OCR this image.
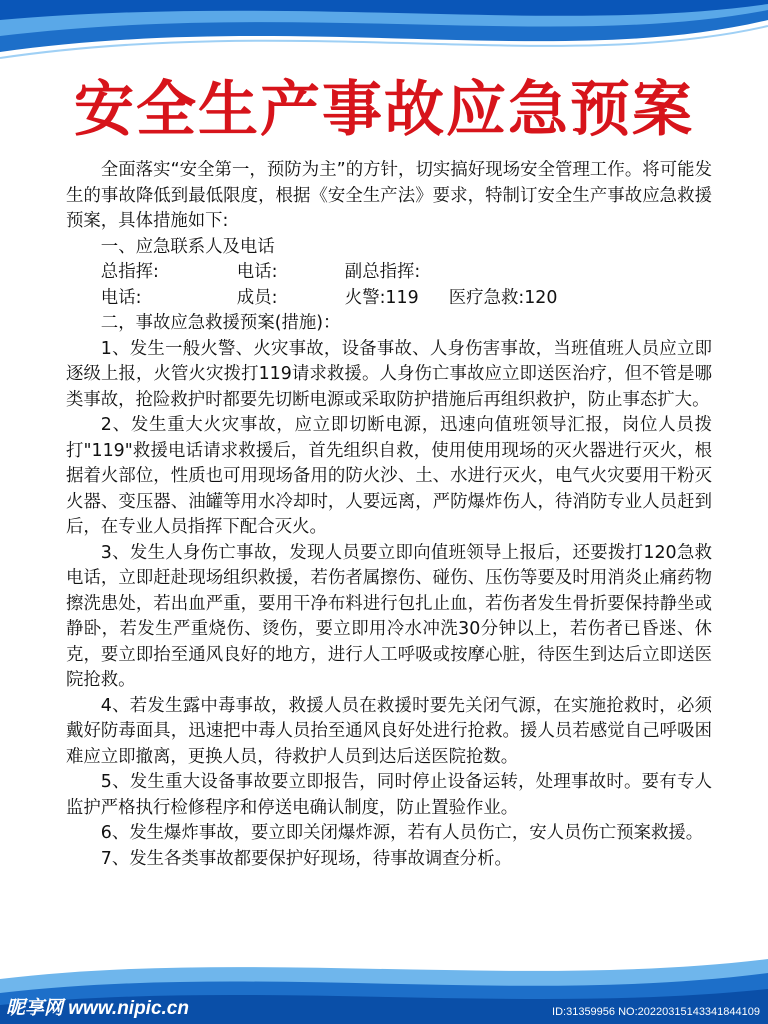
安全生产事故应急预案

全面落实“安全第一，预防为主”的方针，切实搞好现场安全管理工作。将可能发生的事故降低到最低限度，根据《安全生产法》要求，特制订安全生产事故应急救援预案，具体措施如下:

一、应急联系人及电话

总指挥:	电话:	副总指挥:
电话:	成员:	火警:119	医疗急救:120

二，事故应急救援预案(措施)：

1、发生一般火警、火灾事故，设备事故、人身伤害事故，当班值班人员应立即逐级上报，火管火灾拨打119请求救援。人身伤亡事故应立即送医治疗，但不管是哪类事故，抢险救护时都要先切断电源或采取防护措施后再组织救护，防止事态扩大。

2、发生重大火灾事故，应立即切断电源，迅速向值班领导汇报，岗位人员拨打"119"救援电话请求救援后，首先组织自救，使用使用现场的灭火器进行灭火，根据着火部位，性质也可用现场备用的防火沙、土、水进行灭火，电气火灾要用干粉灭火器、变压器、油罐等用水冷却时，人要远离，严防爆炸伤人，待消防专业人员赶到后，在专业人员指挥下配合灭火。

3、发生人身伤亡事故，发现人员要立即向值班领导上报后，还要拨打120急救电话，立即赶赴现场组织救援，若伤者属擦伤、碰伤、压伤等要及时用消炎止痛药物擦洗患处，若出血严重，要用干净布料进行包扎止血，若伤者发生骨折要保持静坐或静卧，若发生严重烧伤、烫伤，要立即用冷水冲洗30分钟以上，若伤者已昏迷、休克，要立即抬至通风良好的地方，进行人工呼吸或按摩心脏，待医生到达后立即送医院抢救。

4、若发生露中毒事故，救援人员在救援时要先关闭气源，在实施抢救时，必须戴好防毒面具，迅速把中毒人员抬至通风良好处进行抢救。援人员若感觉自己呼吸困难应立即撤离，更换人员，待救护人员到达后送医院抢数。

5、发生重大设备事故要立即报告，同时停止设备运转，处理事故时。要有专人监护严格执行检修程序和停送电确认制度，防止置验作业。

6、发生爆炸事故，要立即关闭爆炸源，若有人员伤亡，安人员伤亡预案救援。

7、发生各类事故都要保护好现场，待事故调查分析。

昵享网 www.nipic.cn	ID:31359956 NO:20220315143341844109
